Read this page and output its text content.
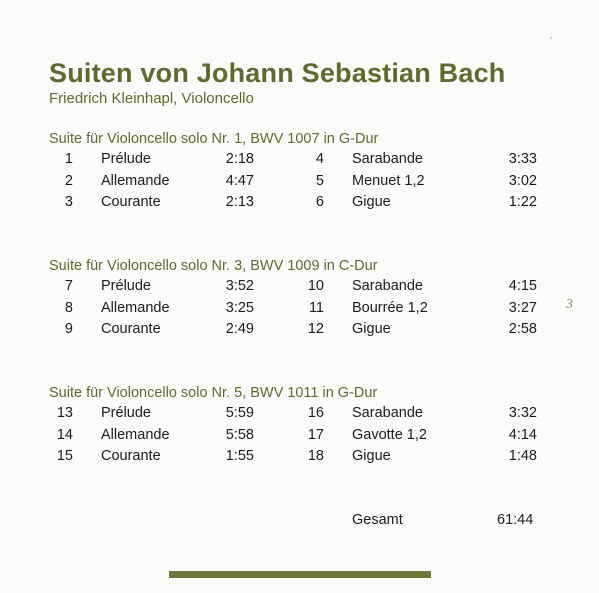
Suiten von Johann Sebastian Bach
Friedrich Kleinhapl, Violoncello
Suite für Violoncello solo Nr. 1, BWV 1007 in G-Dur
1 Prélude	2:18	4 Sarabande	3:33
2 Allemande	4:47	5 Menuet 1,2	3:02
3 Courante	2:13	6 Gigue	1:22
Suite für Violoncello solo Nr. 3, BWV 1009 in C-Dur
7 Prélude	3:52	10 Sarabande	4:15
8 Allemande	3:25	11 Bourrée 1,2	3:27
9 Courante	2:49	12 Gigue	2:58
Suite für Violoncello solo Nr. 5, BWV 1011 in G-Dur
13 Prélude	5:59	16 Sarabande	3:32
14 Allemande	5:58	17 Gavotte 1,2	4:14
15 Courante	1:55	18 Gigue	1:48
Gesamt	61:44
3
